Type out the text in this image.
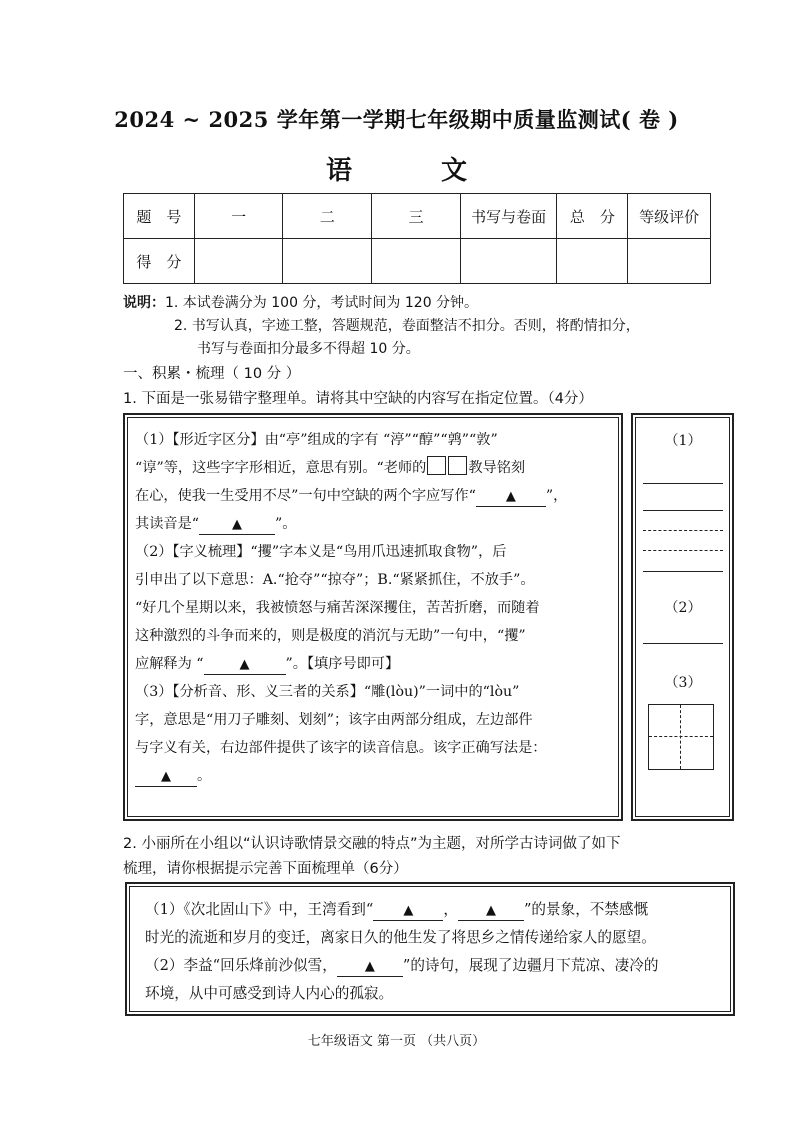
2024 ~ 2025 学年第一学期七年级期中质量监测试( 卷 )
语 文
题　号	一	二	三	书写与卷面	总　分	等级评价
得　分						
说明：1. 本试卷满分为 100 分，考试时间为 120 分钟。
2. 书写认真，字迹工整，答题规范，卷面整洁不扣分。否则，将酌情扣分，
书写与卷面扣分最多不得超 10 分。
一、积累・梳理（ 10 分 ）
1. 下面是一张易错字整理单。请将其中空缺的内容写在指定位置。（4分）

（1）【形近字区分】由“亭”组成的字有 “渟”“醇”“鹑”“敦”

“谆”等，这些字字形相近，意思有别。“老师的	教导铭刻

在心，使我一生受用不尽”一句中空缺的两个字应写作“ ▲ ”，

其读音是“	▲ ”。

（2）【字义梳理】“攫”字本义是“鸟用爪迅速抓取食物”，后

引申出了以下意思：A.“抢夺”“掠夺”；B.“紧紧抓住，不放手”。

“好几个星期以来，我被愤怒与痛苦深深攫住，苦苦折磨，而随着

这种激烈的斗争而来的，则是极度的消沉与无助”一句中，“攫”

应解释为 “	▲	”。【填序号即可】

（3）【分析音、形、义三者的关系】“雕(lòu)”一词中的“lòu”

字，意思是“用刀子雕刻、划刻”；该字由两部分组成，左边部件

与字义有关，右边部件提供了该字的读音信息。该字正确写法是：

▲ 。

（1）
（2）
（3）
2. 小丽所在小组以“认识诗歌情景交融的特点”为主题，对所学古诗词做了如下
梳理，请你根据提示完善下面梳理单（6分）

（1）《次北固山下》中，王湾看到“ ▲ ， ▲ ”的景象，不禁感慨

时光的流逝和岁月的变迁，离家日久的他生发了将思乡之情传递给家人的愿望。

（2）李益“回乐烽前沙似雪， ▲ ”的诗句，展现了边疆月下荒凉、凄冷的

环境，从中可感受到诗人内心的孤寂。

七年级语文 第一页 （共八页）
